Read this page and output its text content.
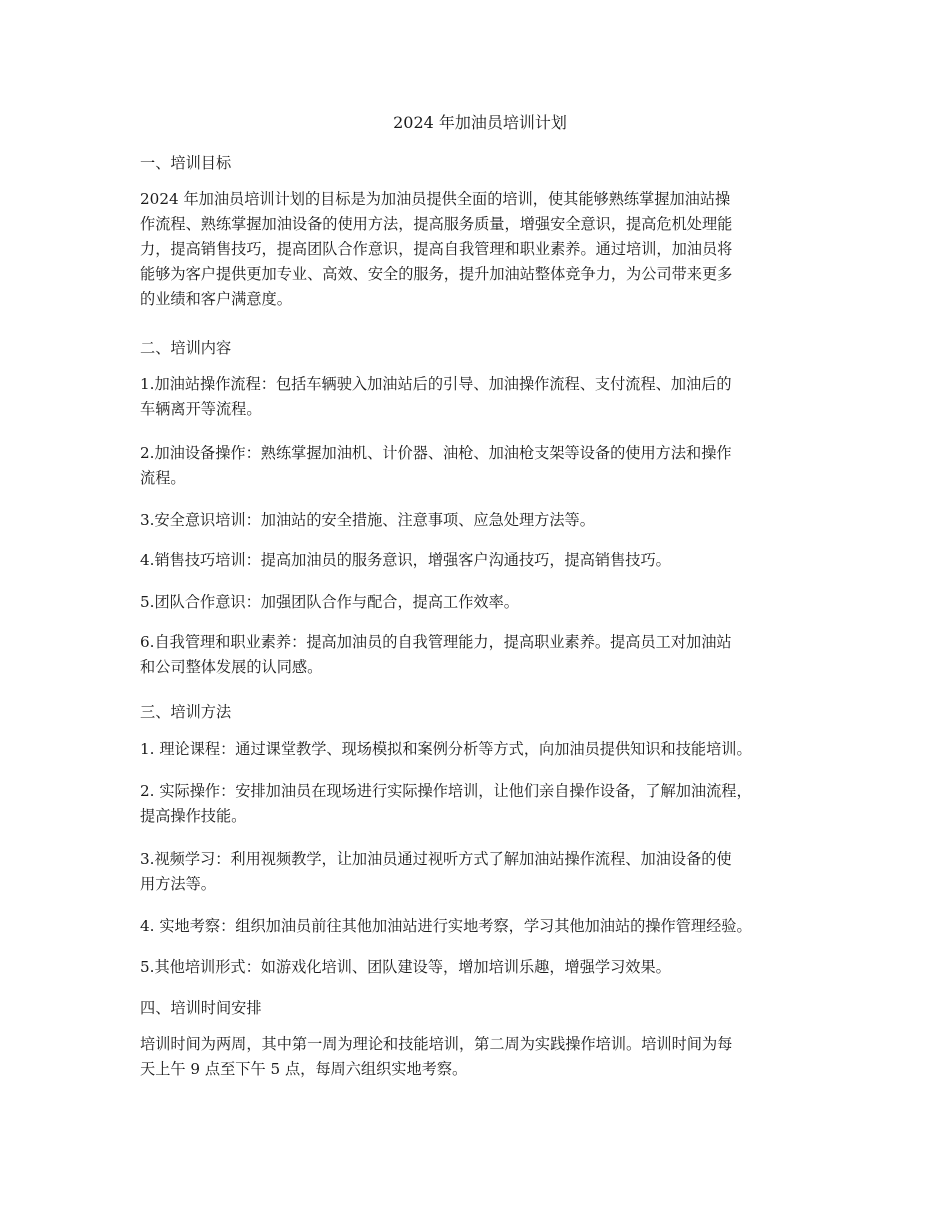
2024 年加油员培训计划
一、培训目标
2024 年加油员培训计划的目标是为加油员提供全面的培训，使其能够熟练掌握加油站操
作流程、熟练掌握加油设备的使用方法，提高服务质量，增强安全意识，提高危机处理能
力，提高销售技巧，提高团队合作意识，提高自我管理和职业素养。通过培训，加油员将
能够为客户提供更加专业、高效、安全的服务，提升加油站整体竞争力，为公司带来更多
的业绩和客户满意度。
二、培训内容
1.加油站操作流程：包括车辆驶入加油站后的引导、加油操作流程、支付流程、加油后的
车辆离开等流程。
2.加油设备操作：熟练掌握加油机、计价器、油枪、加油枪支架等设备的使用方法和操作
流程。
3.安全意识培训：加油站的安全措施、注意事项、应急处理方法等。
4.销售技巧培训：提高加油员的服务意识，增强客户沟通技巧，提高销售技巧。
5.团队合作意识：加强团队合作与配合，提高工作效率。
6.自我管理和职业素养：提高加油员的自我管理能力，提高职业素养。提高员工对加油站
和公司整体发展的认同感。
三、培训方法
1. 理论课程：通过课堂教学、现场模拟和案例分析等方式，向加油员提供知识和技能培训。
2. 实际操作：安排加油员在现场进行实际操作培训，让他们亲自操作设备，了解加油流程，
提高操作技能。
3.视频学习：利用视频教学，让加油员通过视听方式了解加油站操作流程、加油设备的使
用方法等。
4. 实地考察：组织加油员前往其他加油站进行实地考察，学习其他加油站的操作管理经验。
5.其他培训形式：如游戏化培训、团队建设等，增加培训乐趣，增强学习效果。
四、培训时间安排
培训时间为两周，其中第一周为理论和技能培训，第二周为实践操作培训。培训时间为每
天上午 9 点至下午 5 点，每周六组织实地考察。
